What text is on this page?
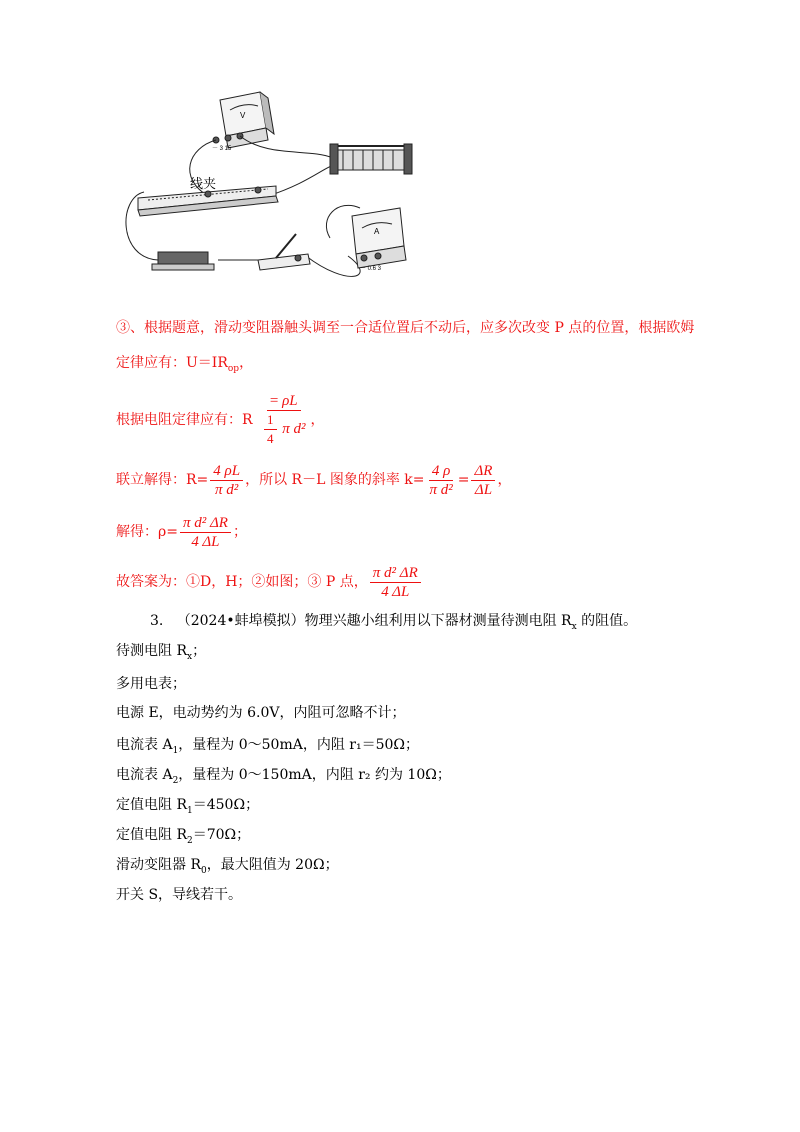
线夹
V
A
－ 3 15
－ 0.6 3
③、根据题意，滑动变阻器触头调至一合适位置后不动后，应多次改变 P 点的位置，根据欧姆
定律应有：$U=IR_{op}$，
根据电阻定律应有：R $\frac{= \rho L}{\frac{1}{4} \pi d^2}$ ，
联立解得：$R= \frac{4 \rho L}{\text{π d²}}$ ，所以 R－L 图象的斜率 $k= \frac{4 \rho}{\text{π d²}} = \frac{\Delta R}{\Delta L}$ ，
解得：$\rho= \frac{\text{π d² ΔR}}{4 \Delta L}$ ；
故答案为：①D，H；②如图；③ P 点， $\frac{\text{π d² ΔR}}{4 \Delta L}$
3. （2024•蚌埠模拟）物理兴趣小组利用以下器材测量待测电阻 $R_x$ 的阻值。
待测电阻 $R_x$；
多用电表；
电源 E，电动势约为 6.0V，内阻可忽略不计；
电流表 $A_1$，量程为 0～50mA，内阻 r₁＝50Ω；
电流表 $A_2$，量程为 0～150mA，内阻 r₂ 约为 10Ω；
定值电阻 $R_1=450\Omega$；
定值电阻 $R_2=70\Omega$；
滑动变阻器 $R_0$，最大阻值为 20Ω；
开关 S，导线若干。
